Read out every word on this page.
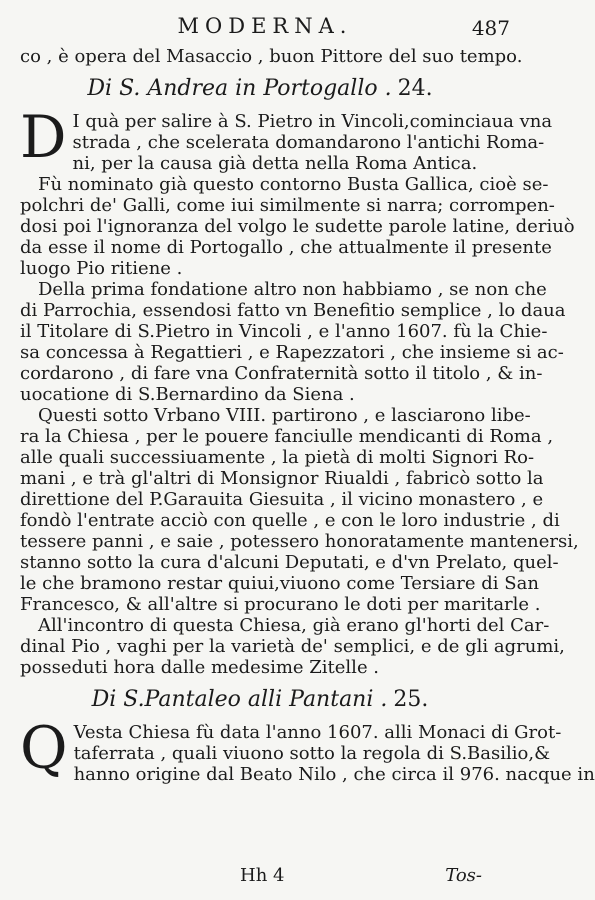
MODERNA.	487
co , è opera del Masaccio , buon Pittore del suo tempo.
Di S. Andrea in Portogallo . 24.
D I quà per salire à S. Pietro in Vincoli,cominciaua vna
strada , che scelerata domandarono l'antichi Roma-
ni, per la causa già detta nella Roma Antica.
Fù nominato già questo contorno Busta Gallica, cioè se-
polchri de' Galli, come iui similmente si narra; corrompen-
dosi poi l'ignoranza del volgo le sudette parole latine, deriuò
da esse il nome di Portogallo , che attualmente il presente
luogo Pio ritiene .
Della prima fondatione altro non habbiamo , se non che
di Parrochia, essendosi fatto vn Benefitio semplice , lo daua
il Titolare di S.Pietro in Vincoli , e l'anno 1607. fù la Chie-
sa concessa à Regattieri , e Rapezzatori , che insieme si ac-
cordarono , di fare vna Confraternità sotto il titolo , & in-
uocatione di S.Bernardino da Siena .
Questi sotto Vrbano VIII. partirono , e lasciarono libe-
ra la Chiesa , per le pouere fanciulle mendicanti di Roma ,
alle quali successiuamente , la pietà di molti Signori Ro-
mani , e trà gl'altri di Monsignor Riualdi , fabricò sotto la
direttione del P.Garauita Giesuita , il vicino monastero , e
fondò l'entrate acciò con quelle , e con le loro industrie , di
tessere panni , e saie , potessero honoratamente mantenersi,
stanno sotto la cura d'alcuni Deputati, e d'vn Prelato, quel-
le che bramono restar quiui,viuono come Tersiare di San
Francesco, & all'altre si procurano le doti per maritarle .
All'incontro di questa Chiesa, già erano gl'horti del Car-
dinal Pio , vaghi per la varietà de' semplici, e de gli agrumi,
posseduti hora dalle medesime Zitelle .
Di S.Pantaleo alli Pantani . 25.
Q Vesta Chiesa fù data l'anno 1607. alli Monaci di Grot-
taferrata , quali viuono sotto la regola di S.Basilio,&
hanno origine dal Beato Nilo , che circa il 976. nacque in
Hh 4	Tos-
